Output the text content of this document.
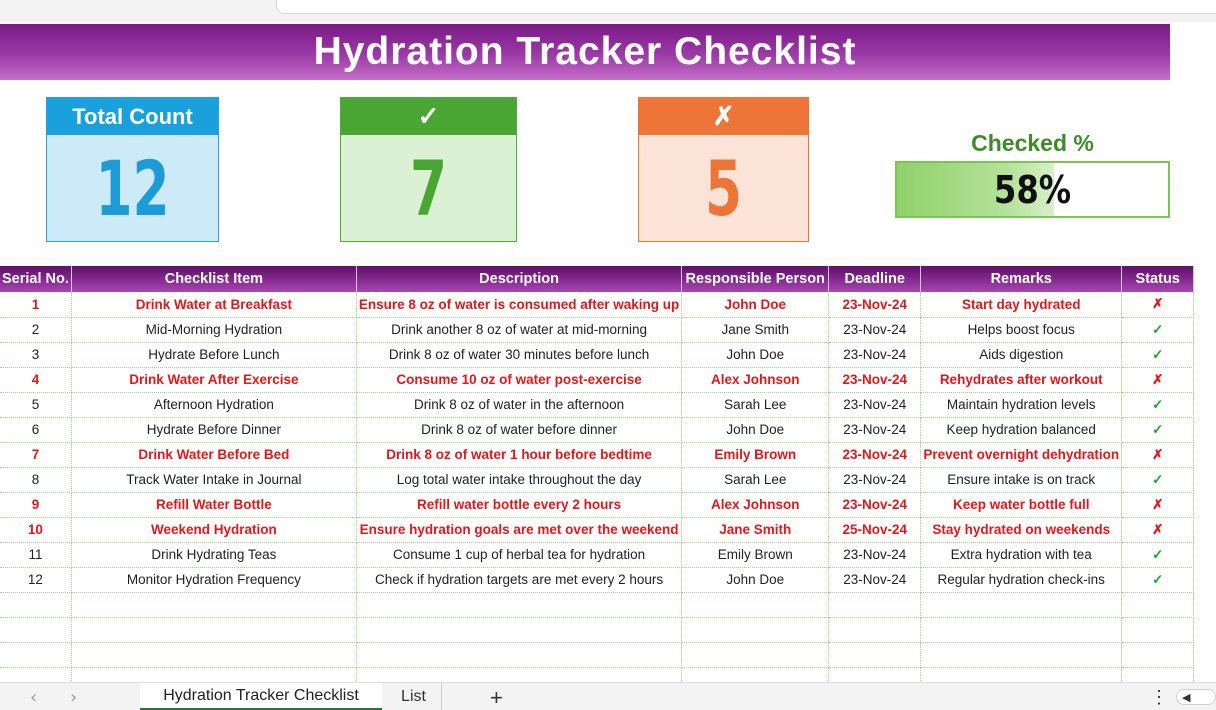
Hydration Tracker Checklist
Total Count
12
✓
7
✗
5
Checked %
58%
Serial No.	Checklist Item	Description	Responsible Person	Deadline	Remarks	Status	
1	Drink Water at Breakfast	Ensure 8 oz of water is consumed after waking up	John Doe	23-Nov-24	Start day hydrated	✗	
2	Mid-Morning Hydration	Drink another 8 oz of water at mid-morning	Jane Smith	23-Nov-24	Helps boost focus	✓	
3	Hydrate Before Lunch	Drink 8 oz of water 30 minutes before lunch	John Doe	23-Nov-24	Aids digestion	✓	
4	Drink Water After Exercise	Consume 10 oz of water post-exercise	Alex Johnson	23-Nov-24	Rehydrates after workout	✗	
5	Afternoon Hydration	Drink 8 oz of water in the afternoon	Sarah Lee	23-Nov-24	Maintain hydration levels	✓	
6	Hydrate Before Dinner	Drink 8 oz of water before dinner	John Doe	23-Nov-24	Keep hydration balanced	✓	
7	Drink Water Before Bed	Drink 8 oz of water 1 hour before bedtime	Emily Brown	23-Nov-24	Prevent overnight dehydration	✗	
8	Track Water Intake in Journal	Log total water intake throughout the day	Sarah Lee	23-Nov-24	Ensure intake is on track	✓	
9	Refill Water Bottle	Refill water bottle every 2 hours	Alex Johnson	23-Nov-24	Keep water bottle full	✗	
10	Weekend Hydration	Ensure hydration goals are met over the weekend	Jane Smith	25-Nov-24	Stay hydrated on weekends	✗	
11	Drink Hydrating Teas	Consume 1 cup of herbal tea for hydration	Emily Brown	23-Nov-24	Extra hydration with tea	✓	
12	Monitor Hydration Frequency	Check if hydration targets are met every 2 hours	John Doe	23-Nov-24	Regular hydration check-ins	✓	

‹ ›	Hydration Tracker Checklist	List	+	⋮ ◀
